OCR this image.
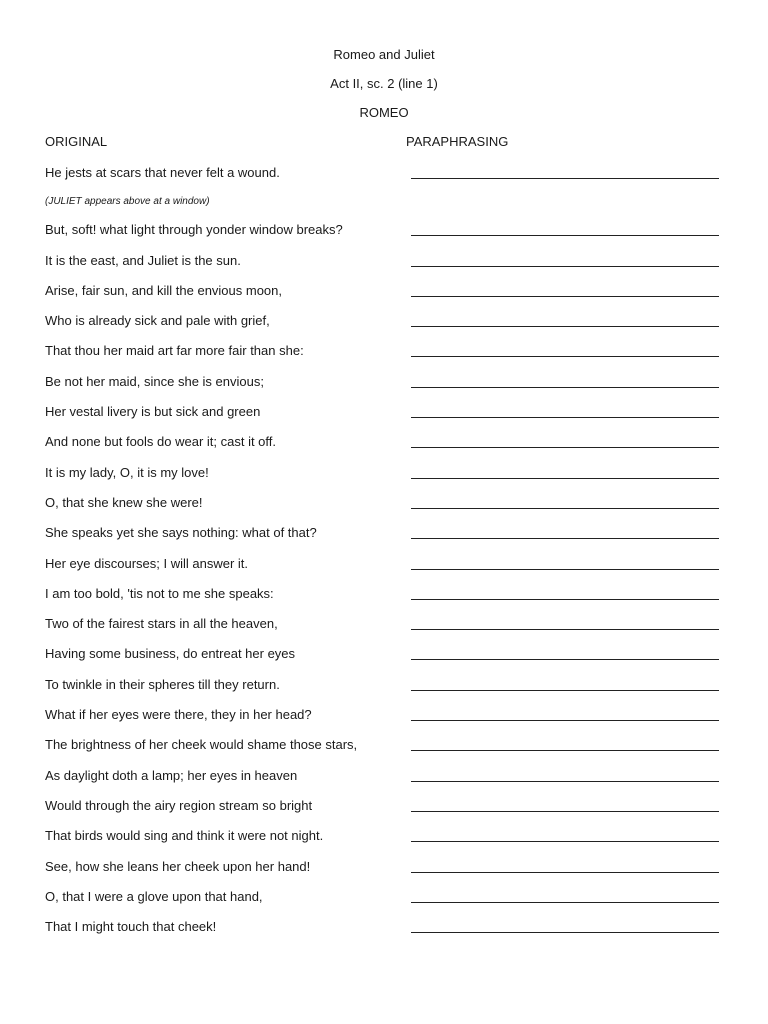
Romeo and Juliet
Act II, sc. 2 (line 1)
ROMEO
ORIGINAL	PARAPHRASING
He jests at scars that never felt a wound.
(JULIET appears above at a window)
But, soft! what light through yonder window breaks?
It is the east, and Juliet is the sun.
Arise, fair sun, and kill the envious moon,
Who is already sick and pale with grief,
That thou her maid art far more fair than she:
Be not her maid, since she is envious;
Her vestal livery is but sick and green
And none but fools do wear it; cast it off.
It is my lady, O, it is my love!
O, that she knew she were!
She speaks yet she says nothing: what of that?
Her eye discourses; I will answer it.
I am too bold, 'tis not to me she speaks:
Two of the fairest stars in all the heaven,
Having some business, do entreat her eyes
To twinkle in their spheres till they return.
What if her eyes were there, they in her head?
The brightness of her cheek would shame those stars,
As daylight doth a lamp; her eyes in heaven
Would through the airy region stream so bright
That birds would sing and think it were not night.
See, how she leans her cheek upon her hand!
O, that I were a glove upon that hand,
That I might touch that cheek!
